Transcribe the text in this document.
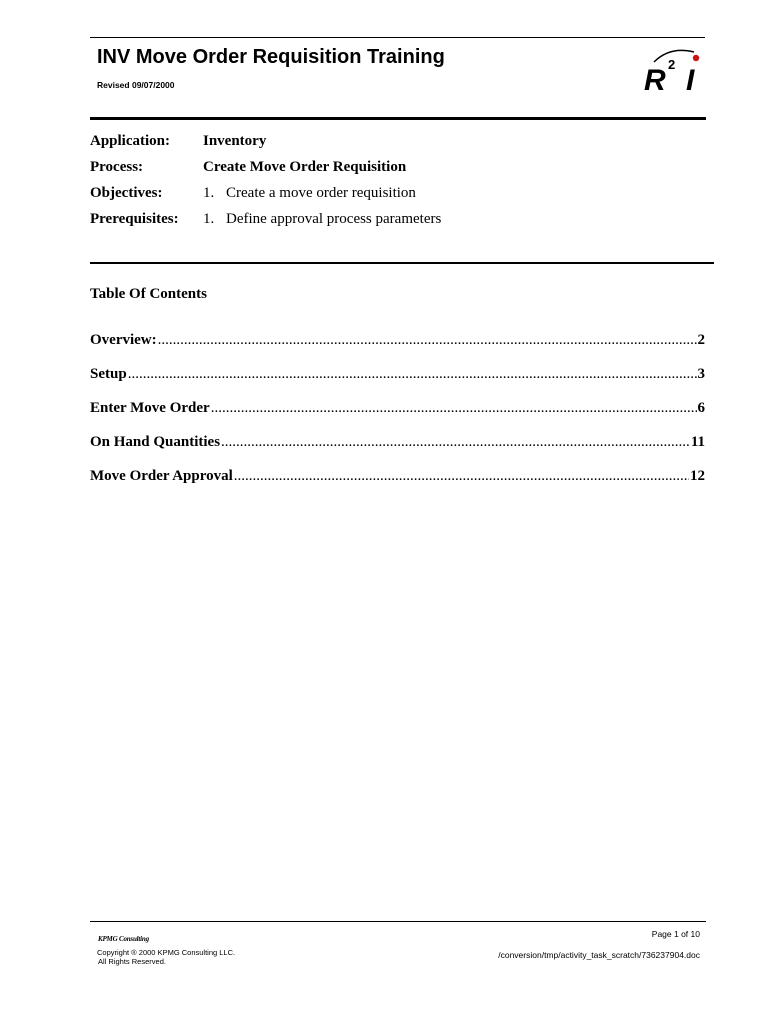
INV Move Order Requisition Training
Revised 09/07/2000	R 2 I
Application: Inventory
Process:	Create Move Order Requisition
Objectives:	1. Create a move order requisition
Prerequisites: 1. Define approval process parameters
Table Of Contents
Overview: .....	2
Setup .....	3
Enter Move Order .....	6
On Hand Quantities .....	11
Move Order Approval .....	12
KPMG Consulting
Copyright ® 2000 KPMG Consulting LLC.
All Rights Reserved.
Page 1 of 10
/conversion/tmp/activity_task_scratch/736237904.doc
